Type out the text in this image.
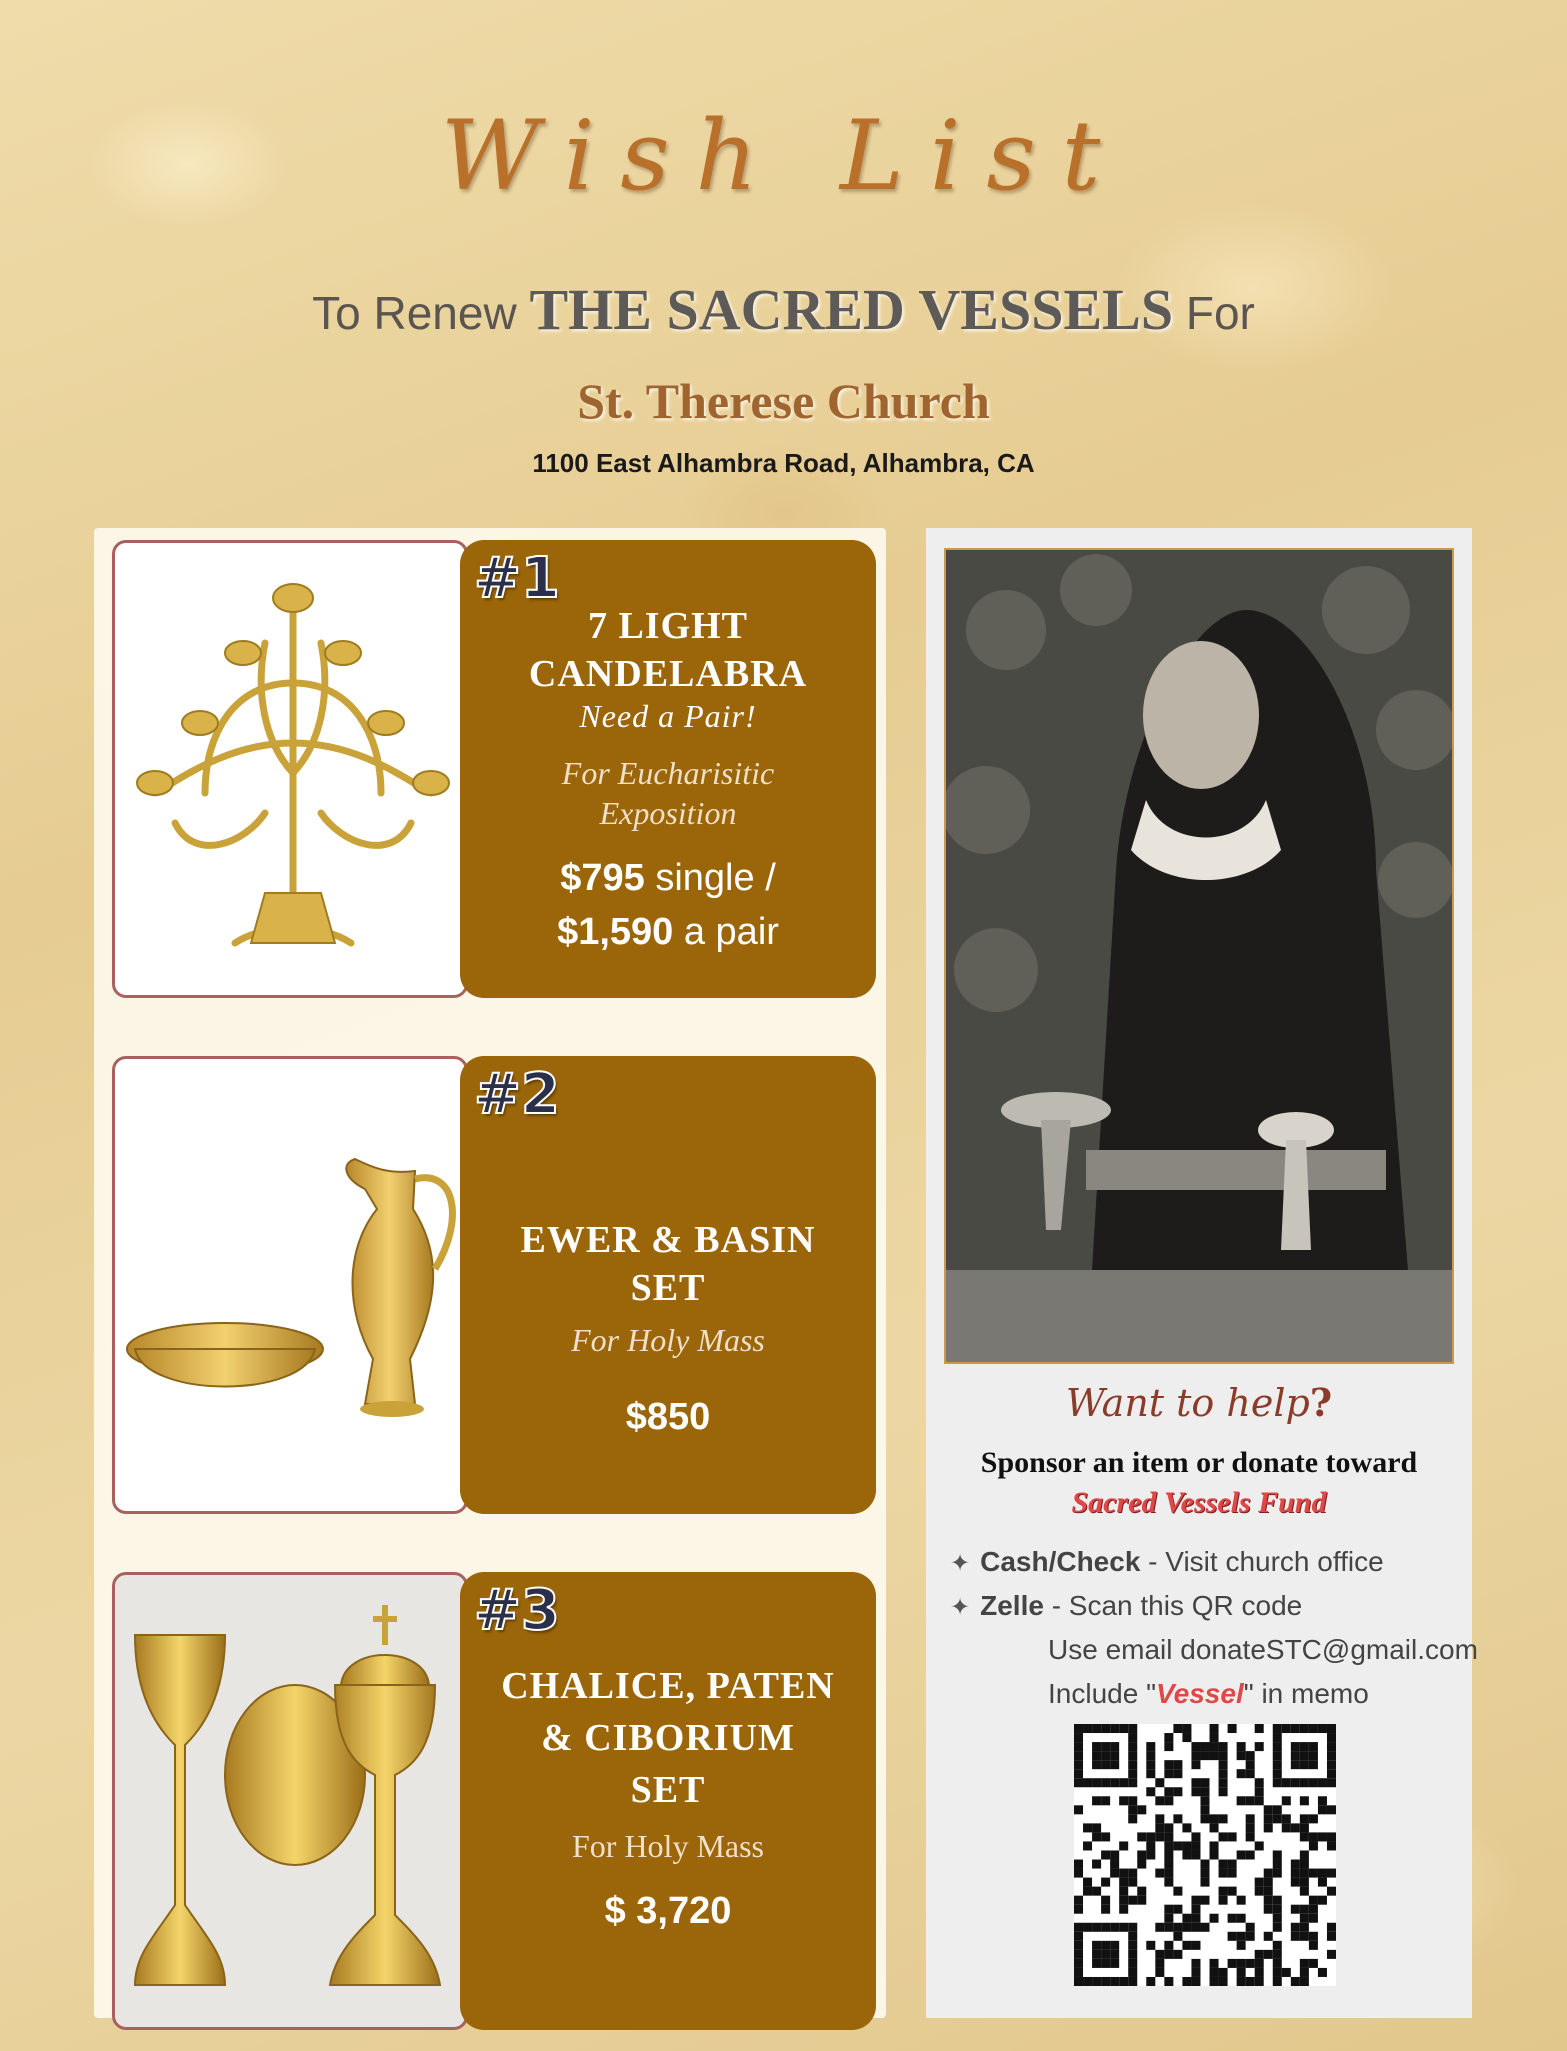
Wish List
To Renew THE SACRED VESSELS For
St. Therese Church
1100 East Alhambra Road, Alhambra, CA
#1
7 LIGHT
CANDELABRA
Need a Pair!
For Eucharisitic
Exposition
$795 single /
$1,590 a pair
#2
EWER & BASIN
SET
For Holy Mass
$850
#3
CHALICE, PATEN
& CIBORIUM
SET
For Holy Mass
$ 3,720
Want to help?
Sponsor an item or donate toward
Sacred Vessels Fund
✦ Cash/Check - Visit church office
✦ Zelle - Scan this QR code
Use email donateSTC@gmail.com
Include "Vessel" in memo
